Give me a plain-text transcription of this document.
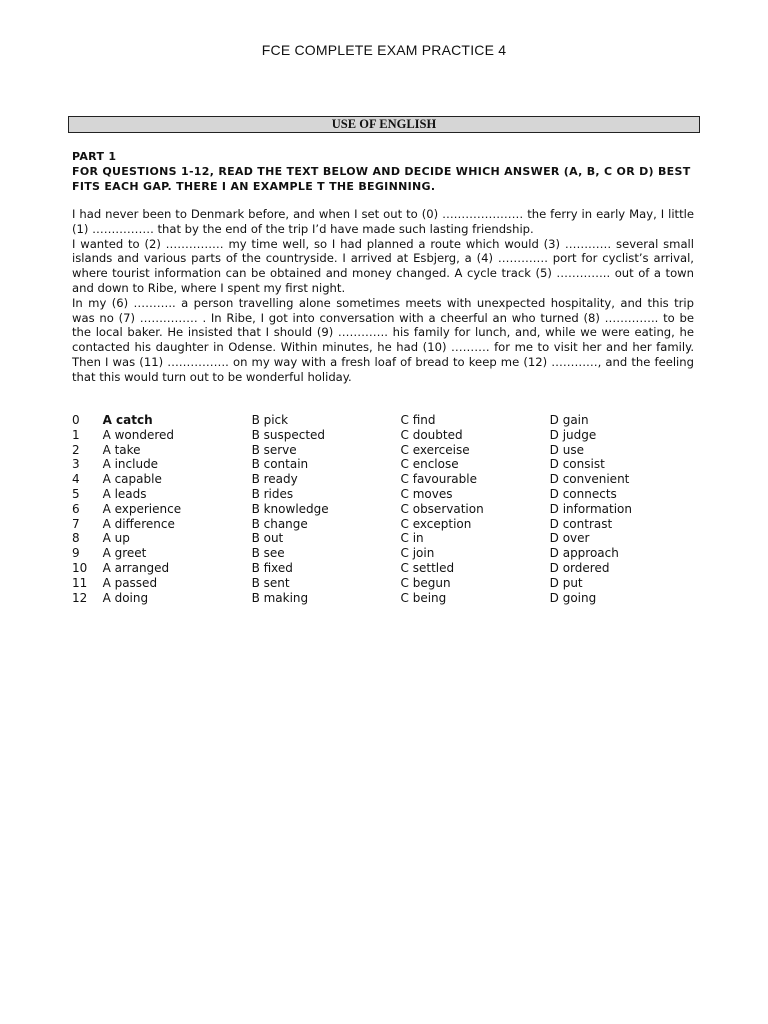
FCE COMPLETE EXAM PRACTICE 4
USE OF ENGLISH
PART 1
FOR QUESTIONS 1-12, READ THE TEXT BELOW AND DECIDE WHICH ANSWER (A, B, C OR D) BEST FITS EACH GAP. THERE I AN EXAMPLE T THE BEGINNING.

I had never been to Denmark before, and when I set out to (0) ………………… the ferry in early May, I little (1) ……………. that by the end of the trip I’d have made such lasting friendship.

I wanted to (2) …………… my time well, so I had planned a route which would (3) ………… several small islands and various parts of the countryside. I arrived at Esbjerg, a (4) …………. port for cyclist’s arrival, where tourist information can be obtained and money changed. A cycle track (5) ………….. out of a town and down to Ribe, where I spent my first night.

In my (6) ……….. a person travelling alone sometimes meets with unexpected hospitality, and this trip was no (7) …………… . In Ribe, I got into conversation with a cheerful an who turned (8) ………….. to be the local baker. He insisted that I should (9) …………. his family for lunch, and, while we were eating, he contacted his daughter in Odense. Within minutes, he had (10) ………. for me to visit her and her family. Then I was (11) ……………. on my way with a fresh loaf of bread to keep me (12) …………, and the feeling that this would turn out to be wonderful holiday.

0	A catch	B pick	C find	D gain
1	A wondered	B suspected	C doubted	D judge
2	A take	B serve	C exerceise	D use
3	A include	B contain	C enclose	D consist
4	A capable	B ready	C favourable	D convenient
5	A leads	B rides	C moves	D connects
6	A experience	B knowledge	C observation	D information
7	A difference	B change	C exception	D contrast
8	A up	B out	C in	D over
9	A greet	B see	C join	D approach
10	A arranged	B fixed	C settled	D ordered
11	A passed	B sent	C begun	D put
12	A doing	B making	C being	D going
